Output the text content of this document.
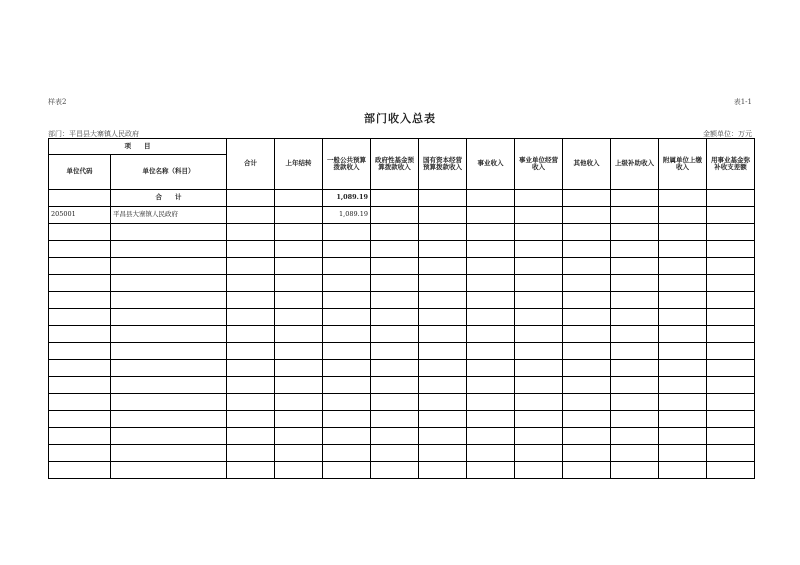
样表2	表1-1
部门收入总表
部门：平昌县大寨镇人民政府	金额单位：万元
项　　目		合计	上年结转	一般公共预算拨款收入	政府性基金预算拨款收入	国有资本经营预算拨款收入	事业收入	事业单位经营收入	其他收入	上级补助收入	附属单位上缴收入	用事业基金弥补收支差额
单位代码	单位名称（科目）											
	合　　计			1,089.19								
205001	平昌县大寨镇人民政府			1,089.19								
